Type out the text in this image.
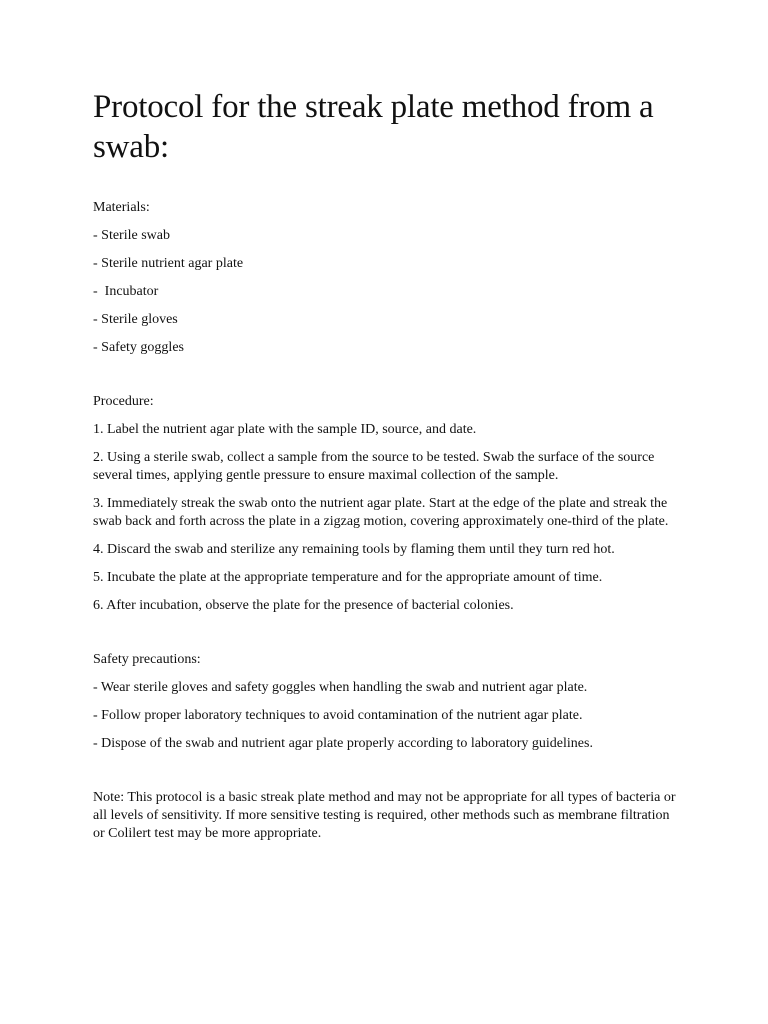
Protocol for the streak plate method from a swab:
Materials:
- Sterile swab
- Sterile nutrient agar plate
-  Incubator
- Sterile gloves
- Safety goggles
Procedure:
1. Label the nutrient agar plate with the sample ID, source, and date.
2. Using a sterile swab, collect a sample from the source to be tested. Swab the surface of the source several times, applying gentle pressure to ensure maximal collection of the sample.
3. Immediately streak the swab onto the nutrient agar plate. Start at the edge of the plate and streak the swab back and forth across the plate in a zigzag motion, covering approximately one-third of the plate.
4. Discard the swab and sterilize any remaining tools by flaming them until they turn red hot.
5. Incubate the plate at the appropriate temperature and for the appropriate amount of time.
6. After incubation, observe the plate for the presence of bacterial colonies.
Safety precautions:
- Wear sterile gloves and safety goggles when handling the swab and nutrient agar plate.
- Follow proper laboratory techniques to avoid contamination of the nutrient agar plate.
- Dispose of the swab and nutrient agar plate properly according to laboratory guidelines.
Note: This protocol is a basic streak plate method and may not be appropriate for all types of bacteria or all levels of sensitivity. If more sensitive testing is required, other methods such as membrane filtration or Colilert test may be more appropriate.
